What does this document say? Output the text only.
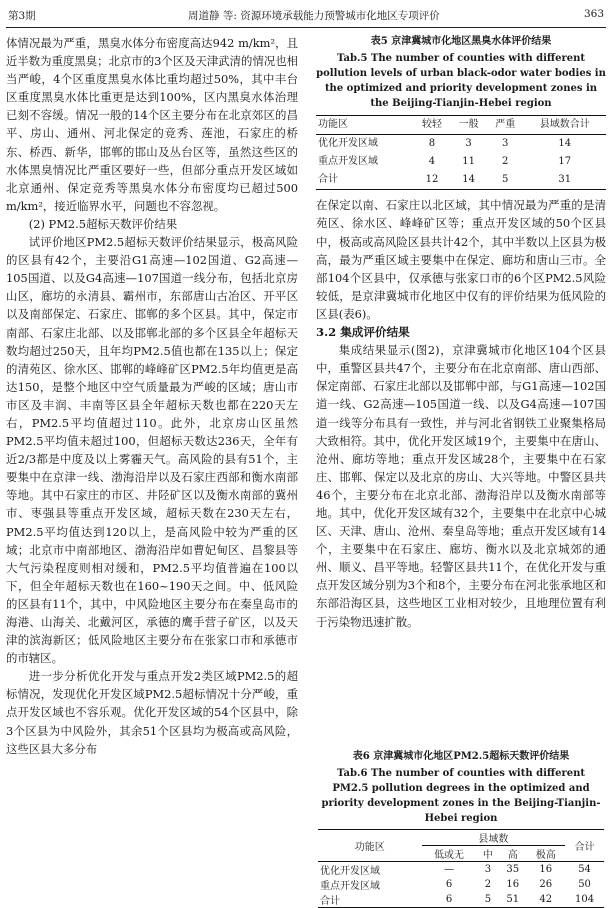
第3期	周道静 等: 资源环境承载能力预警城市化地区专项评价	363

体情况最为严重，黑臭水体分布密度高达942 m/km²，且近半数为重度黑臭；北京市的3个区及天津武清的情况也相当严峻，4个区重度黑臭水体比重均超过50%，其中丰台区重度黑臭水体比重更是达到100%，区内黑臭水体治理已刻不容缓。情况一般的14个区主要分布在北京郊区的昌平、房山、通州、河北保定的竞秀、莲池，石家庄的桥东、桥西、新华，邯郸的邯山及丛台区等，虽然这些区的水体黑臭情况比严重区要好一些，但部分重点开发区域如北京通州、保定竞秀等黑臭水体分布密度均已超过500 m/km²，接近临界水平，问题也不容忽视。

(2) PM2.5超标天数评价结果

试评价地区PM2.5超标天数评价结果显示，极高风险的区县有42个，主要沿G1高速—102国道、G2高速—105国道、以及G4高速—107国道一线分布，包括北京房山区，廊坊的永清县、霸州市，东部唐山古冶区、开平区以及南部保定、石家庄、邯郸的多个区县。其中，保定市南部、石家庄北部、以及邯郸北部的多个区县全年超标天数均超过250天，且年均PM2.5值也都在135以上；保定的清苑区、徐水区、邯郸的峰峰矿区PM2.5年均值更是高达150，是整个地区中空气质量最为严峻的区域；唐山市市区及丰润、丰南等区县全年超标天数也都在220天左右，PM2.5平均值超过110。此外，北京房山区虽然PM2.5平均值未超过100，但超标天数达236天，全年有近2/3都是中度及以上雾霾天气。高风险的县有51个，主要集中在京津一线、渤海沿岸以及石家庄西部和衡水南部等地。其中石家庄的市区、井陉矿区以及衡水南部的冀州市、枣强县等重点开发区域，超标天数在230天左右，PM2.5平均值达到120以上，是高风险中较为严重的区域；北京市中南部地区、渤海沿岸如曹妃甸区、昌黎县等大气污染程度则相对缓和，PM2.5平均值普遍在100以下，但全年超标天数也在160~190天之间。中、低风险的区县有11个，其中，中风险地区主要分布在秦皇岛市的海港、山海关、北戴河区，承德的鹰手营子矿区，以及天津的滨海新区；低风险地区主要分布在张家口市和承德市的市辖区。

进一步分析优化开发与重点开发2类区域PM2.5的超标情况，发现优化开发区域PM2.5超标情况十分严峻，重点开发区域也不容乐观。优化开发区域的54个区县中，除3个区县为中风险外，其余51个区县均为极高或高风险，这些区县大多分布

表5 京津冀城市化地区黑臭水体评价结果
Tab.5 The number of counties with different pollution levels of urban black-odor water bodies in the optimized and priority development zones in the Beijing-Tianjin-Hebei region
功能区	较轻	一般	严重	县域数合计
优化开发区域	8	3	3	14
重点开发区域	4	11	2	17
合计	12	14	5	31

在保定以南、石家庄以北区域，其中情况最为严重的是清苑区、徐水区、峰峰矿区等；重点开发区域的50个区县中，极高或高风险区县共计42个，其中半数以上区县为极高，最为严重区域主要集中在保定、廊坊和唐山三市。全部104个区县中，仅承德与张家口市的6个区PM2.5风险较低，是京津冀城市化地区中仅有的评价结果为低风险的区县(表6)。

3.2 集成评价结果

集成结果显示(图2)，京津冀城市化地区104个区县中，重警区县共47个，主要分布在北京南部、唐山西部、保定南部、石家庄北部以及邯郸中部，与G1高速—102国道一线、G2高速—105国道一线、以及G4高速—107国道一线等分布具有一致性，并与河北省钢铁工业聚集格局大致相符。其中，优化开发区域19个，主要集中在唐山、沧州、廊坊等地；重点开发区域28个，主要集中在石家庄、邯郸、保定以及北京的房山、大兴等地。中警区县共46个，主要分布在北京北部、渤海沿岸以及衡水南部等地。其中，优化开发区域有32个，主要集中在北京中心城区、天津、唐山、沧州、秦皇岛等地；重点开发区域有14个，主要集中在石家庄、廊坊、衡水以及北京城郊的通州、顺义、昌平等地。轻警区县共11个，在优化开发与重点开发区域分别为3个和8个，主要分布在河北张承地区和东部沿海区县，这些地区工业相对较少，且地理位置有利于污染物迅速扩散。

表6 京津冀城市化地区PM2.5超标天数评价结果
Tab.6 The number of counties with different PM2.5 pollution degrees in the optimized and priority development zones in the Beijing-Tianjin-Hebei region
功能区	县域数				合计
	低或无	中	高	极高	
优化开发区域	—	3	35	16	54
重点开发区域	6	2	16	26	50
合计	6	5	51	42	104
